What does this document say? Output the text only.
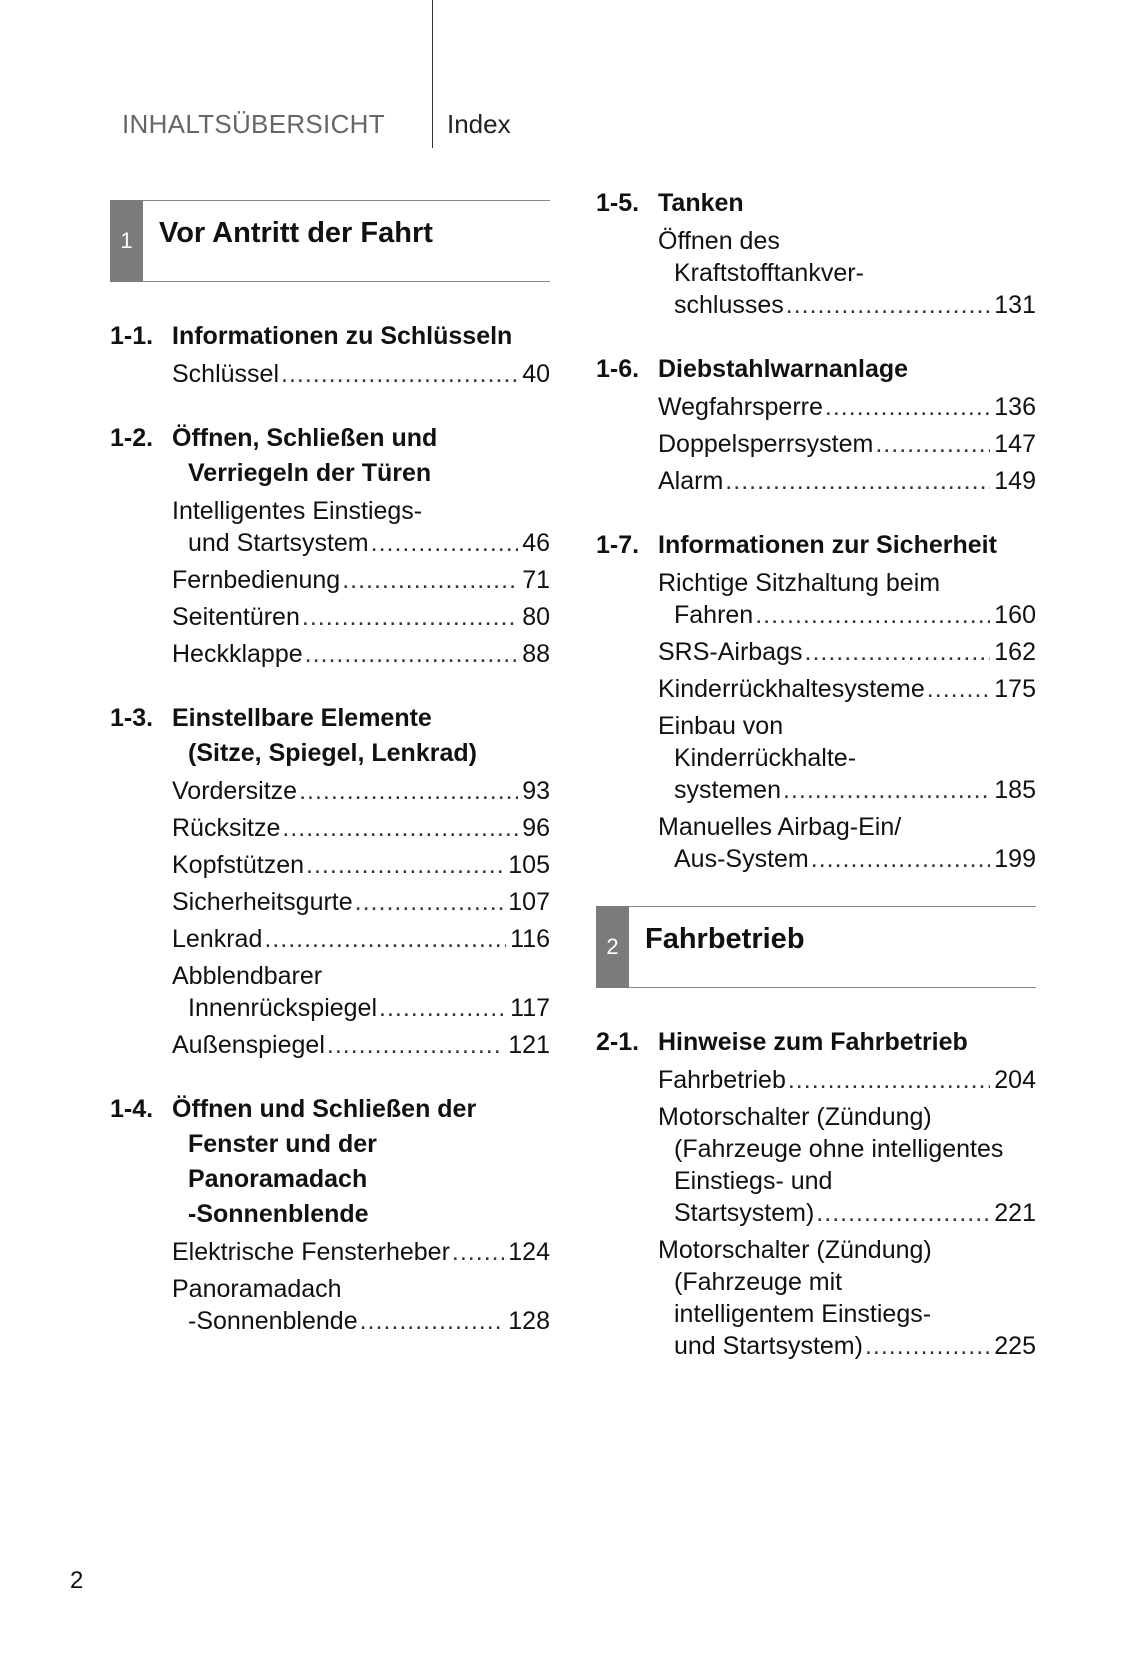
INHALTSÜBERSICHT Index
1 Vor Antritt der Fahrt
1-1. Informationen zu Schlüsseln
Schlüssel .....	40
1-2. Öffnen, Schließen und
Verriegeln der Türen
Intelligentes Einstiegs-
und Startsystem .....	46
Fernbedienung .....	71
Seitentüren .....	80
Heckklappe .....	88
1-3. Einstellbare Elemente
(Sitze, Spiegel, Lenkrad)
Vordersitze .....	93
Rücksitze .....	96
Kopfstützen .....	105
Sicherheitsgurte .....	107
Lenkrad .....	116
Abblendbarer
Innenrückspiegel .....	117
Außenspiegel .....	121
1-4. Öffnen und Schließen der
Fenster und der
Panoramadach
-Sonnenblende
Elektrische Fensterheber ..... 124
Panoramadach
-Sonnenblende .....	128
1-5. Tanken
Öffnen des
Kraftstofftankver-
schlusses .....	131
1-6. Diebstahlwarnanlage
Wegfahrsperre .....	136
Doppelsperrsystem .....	147
Alarm .....	149
1-7. Informationen zur Sicherheit
Richtige Sitzhaltung beim
Fahren .....	160
SRS-Airbags .....	162
Kinderrückhaltesysteme .....	175
Einbau von
Kinderrückhalte-
systemen .....	185
Manuelles Airbag-Ein/
Aus-System .....	199
2 Fahrbetrieb
2-1. Hinweise zum Fahrbetrieb
Fahrbetrieb .....	204
Motorschalter (Zündung)
(Fahrzeuge ohne intelligentes
Einstiegs- und
Startsystem) .....	221
Motorschalter (Zündung)
(Fahrzeuge mit
intelligentem Einstiegs-
und Startsystem) .....	225
2
